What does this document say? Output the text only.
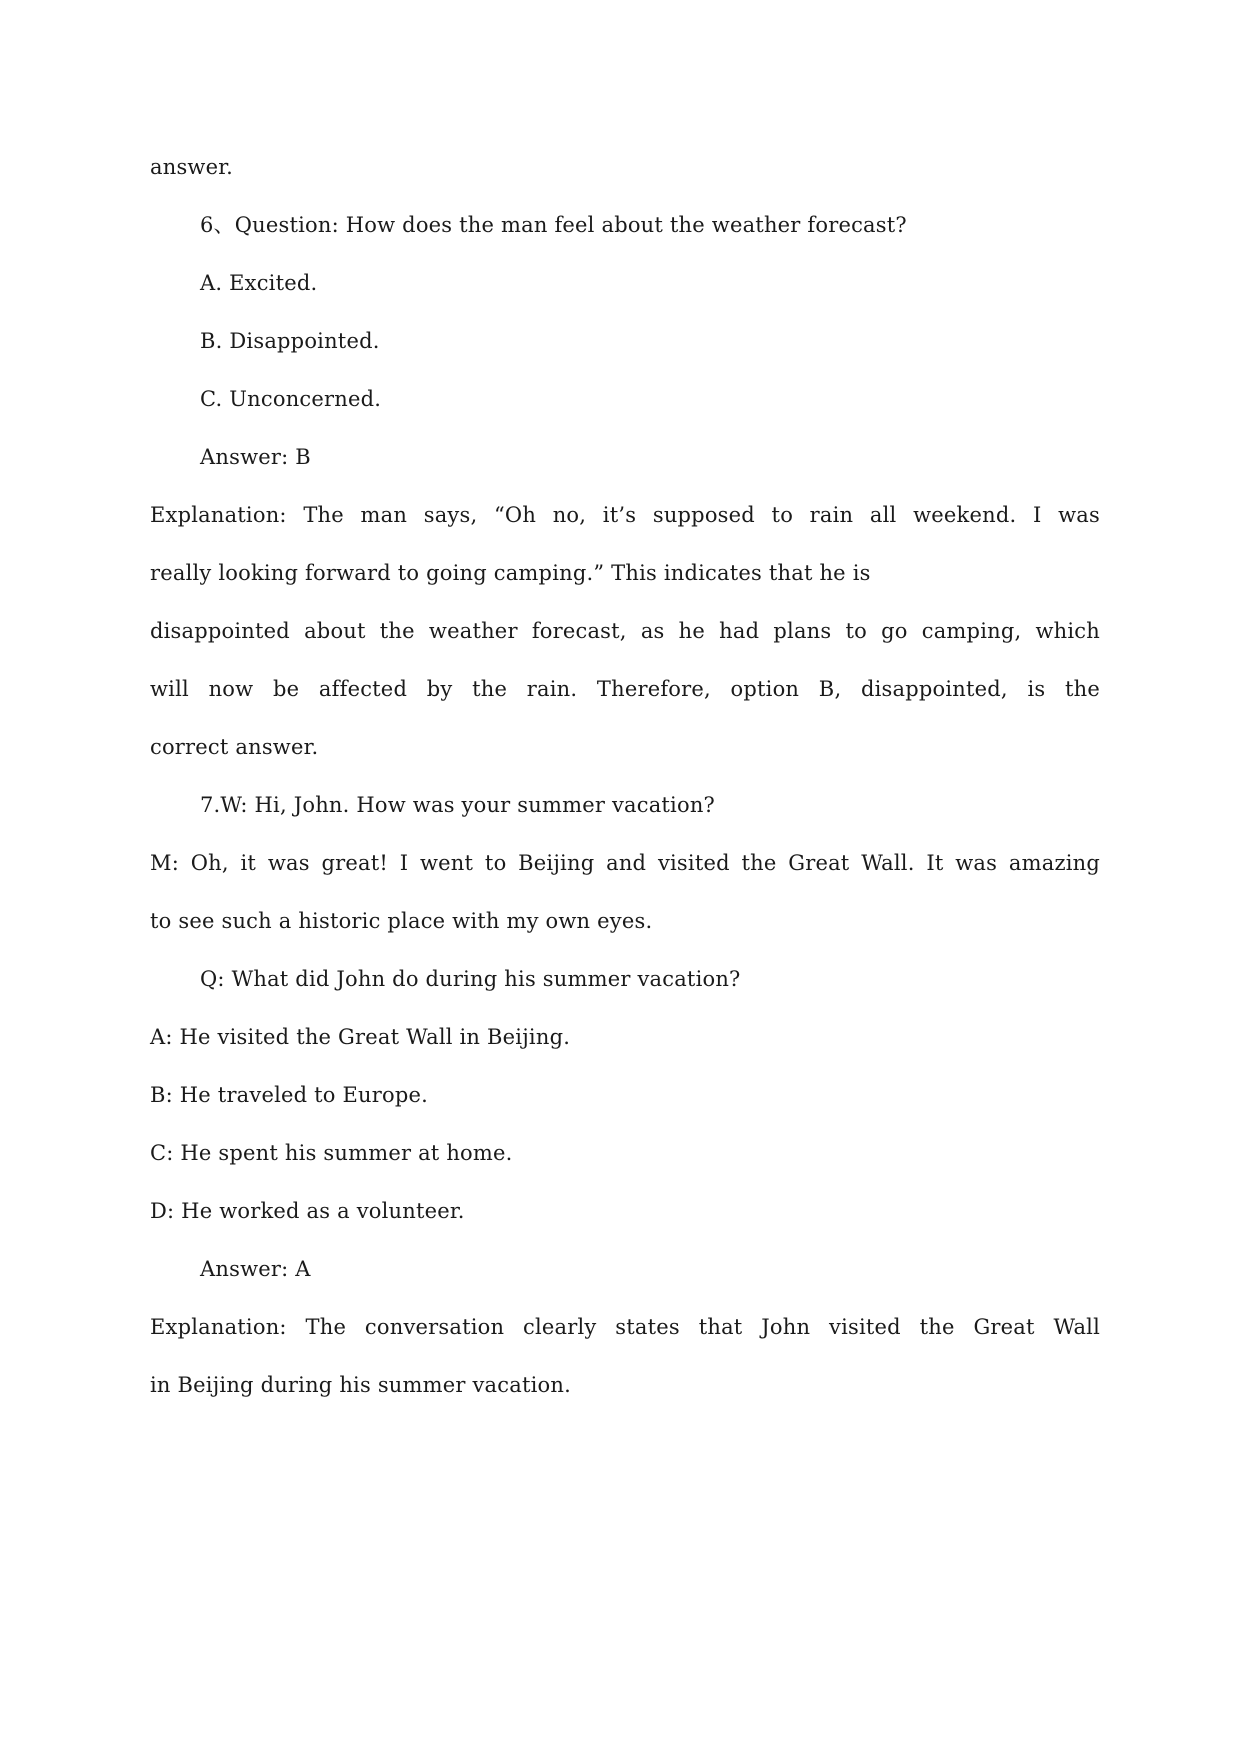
answer.
6、Question: How does the man feel about the weather forecast?
A. Excited.
B. Disappointed.
C. Unconcerned.
Answer: B
Explanation: The man says, “Oh no, it’s supposed to rain all weekend. I was
really looking forward to going camping.” This indicates that he is
disappointed about the weather forecast, as he had plans to go camping, which
will now be affected by the rain. Therefore, option B, disappointed, is the
correct answer.
7.W: Hi, John. How was your summer vacation?
M: Oh, it was great! I went to Beijing and visited the Great Wall. It was amazing
to see such a historic place with my own eyes.
Q: What did John do during his summer vacation?
A: He visited the Great Wall in Beijing.
B: He traveled to Europe.
C: He spent his summer at home.
D: He worked as a volunteer.
Answer: A
Explanation: The conversation clearly states that John visited the Great Wall
in Beijing during his summer vacation.
